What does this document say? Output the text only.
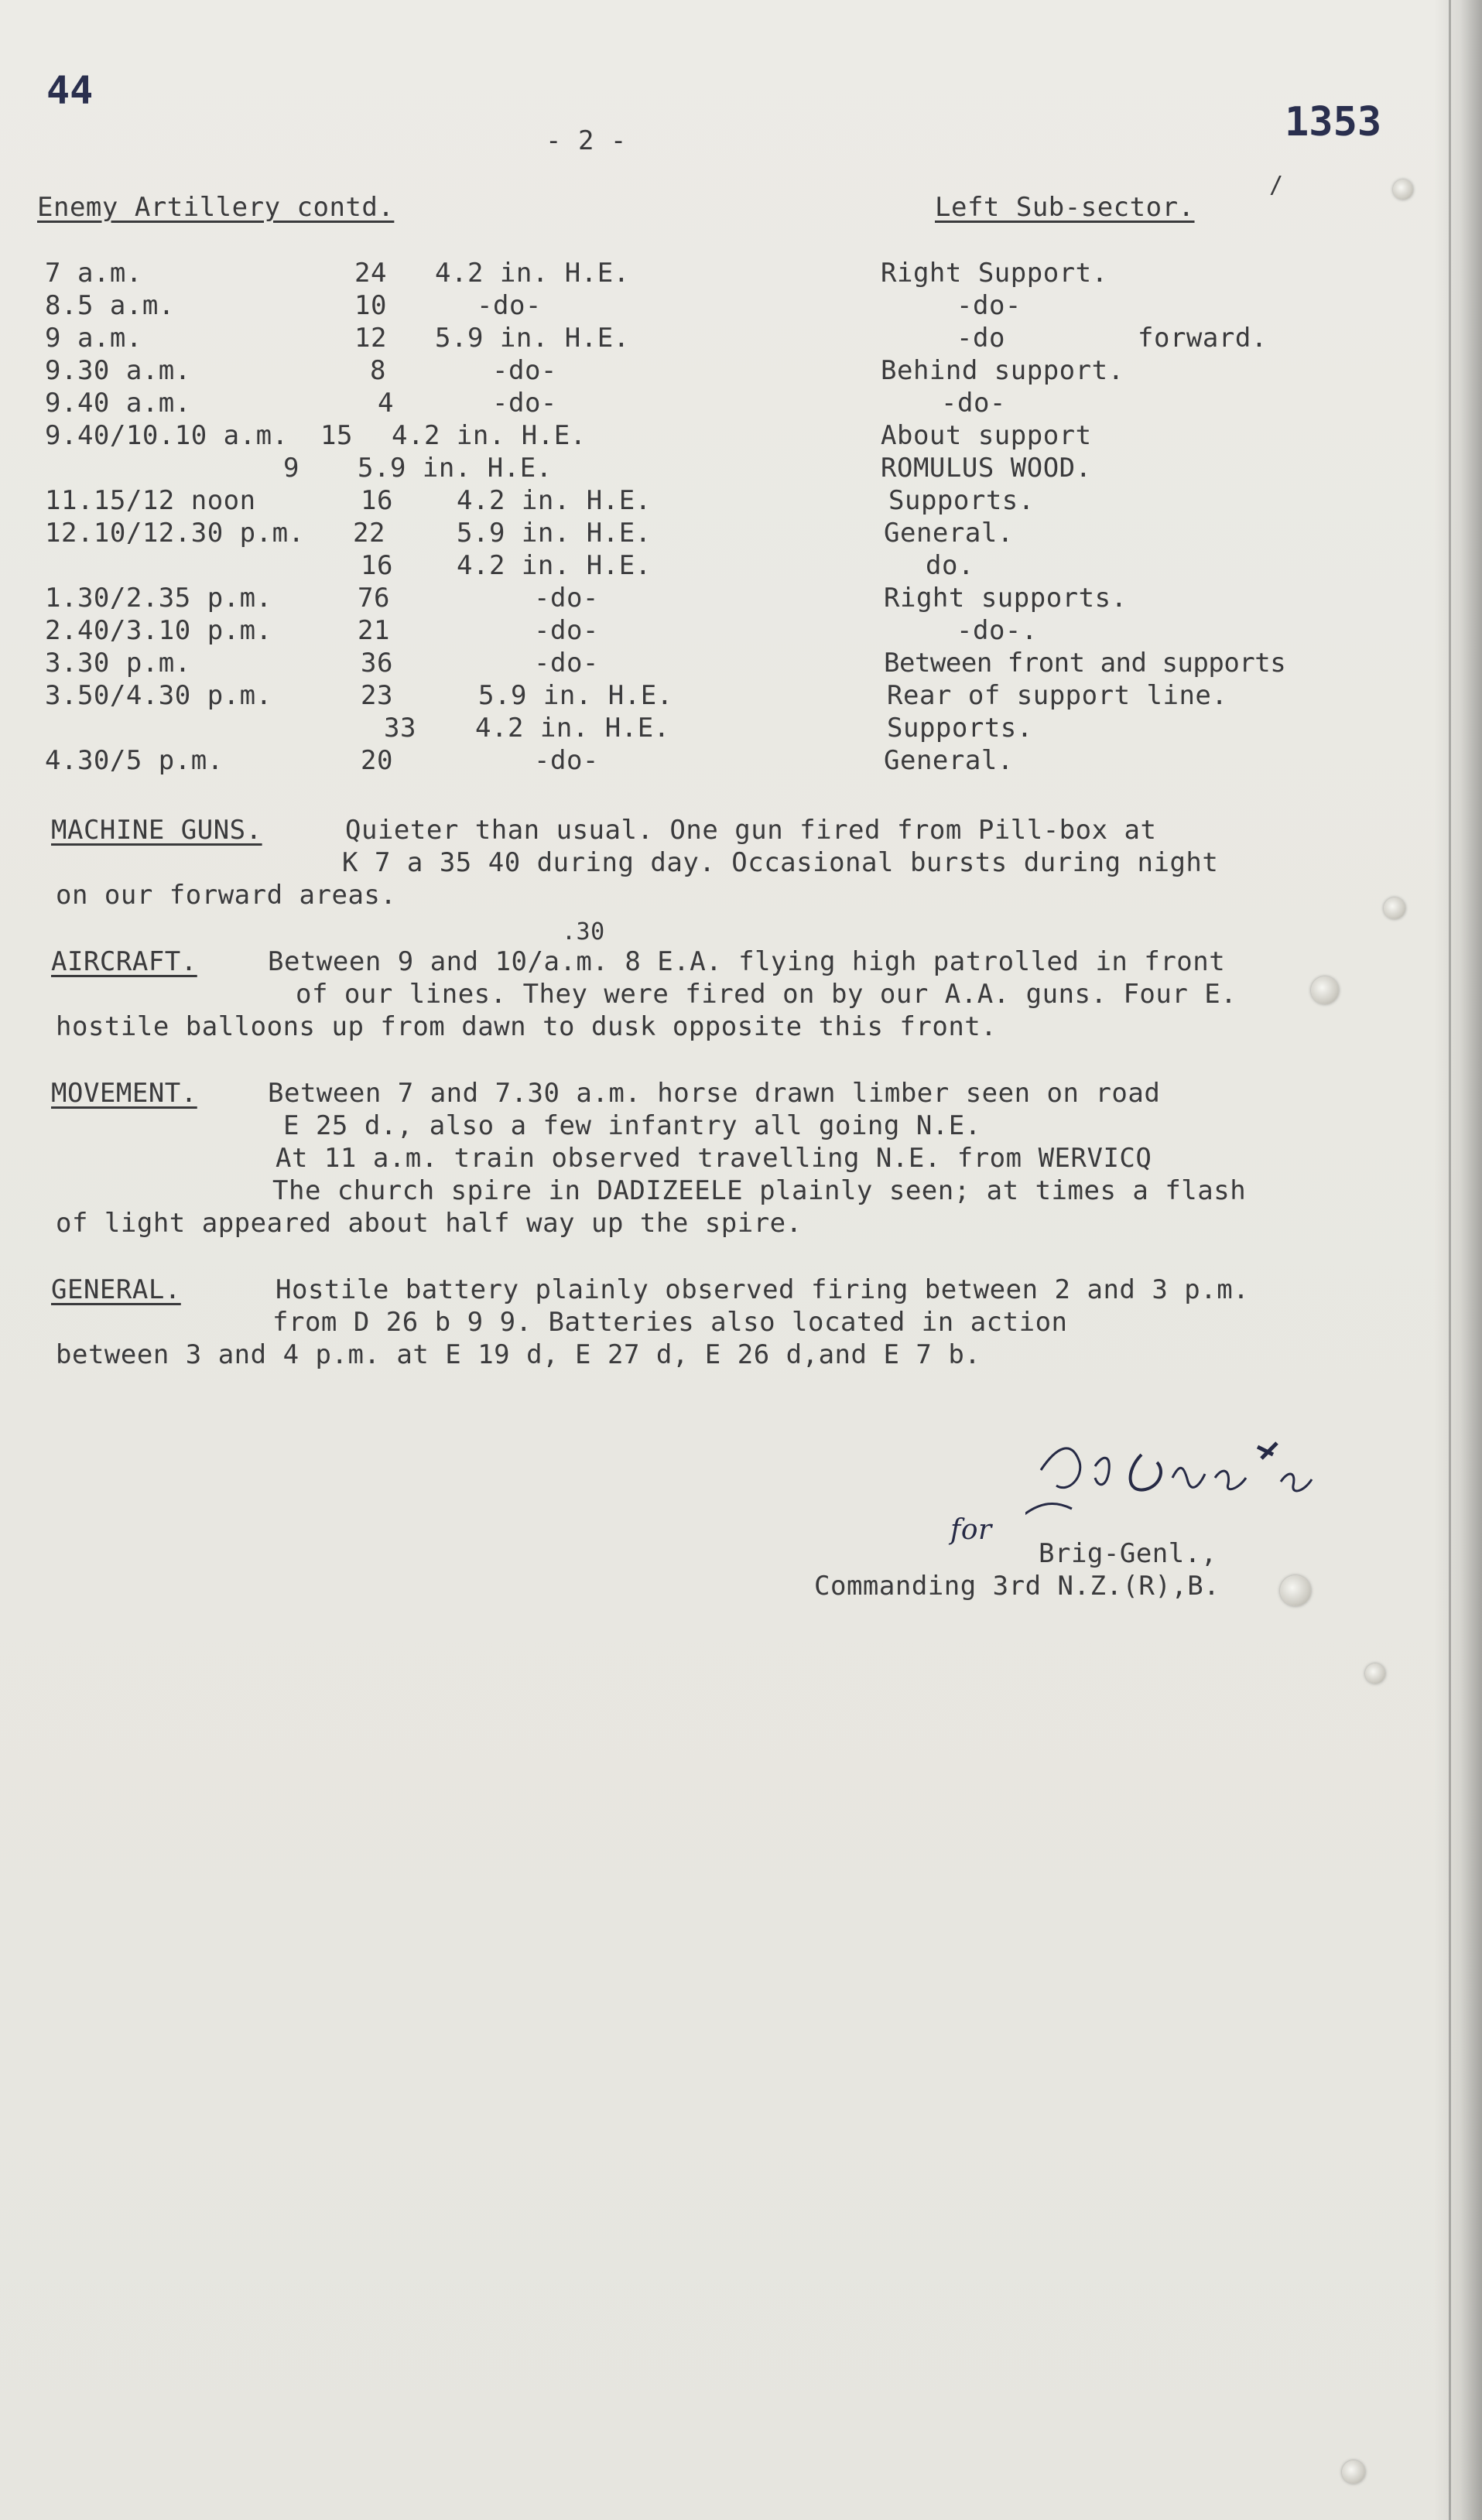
44
1353
- 2 -
Enemy Artillery contd.	Left Sub-sector.
/
7 a.m.	24 4.2 in. H.E.	Right Support.
8.5 a.m.	10	-do-	-do-
9 a.m.	12 5.9 in. H.E.	-do	forward.
9.30 a.m.	8	-do-	Behind support.
9.40 a.m.	4	-do-	-do-
9.40/10.10 a.m. 15 4.2 in. H.E.	About support
9 5.9 in. H.E.	ROMULUS WOOD.
11.15/12 noon	16 4.2 in. H.E.	Supports.
12.10/12.30 p.m. 22	5.9 in. H.E.	General.
16 4.2 in. H.E.	do.
1.30/2.35 p.m.	76	-do-	Right supports.
2.40/3.10 p.m.	21	-do-	-do-.
3.30 p.m.	36	-do-	Between front and supports
3.50/4.30 p.m.	23	5.9 in. H.E.	Rear of support line.
33 4.2 in. H.E.	Supports.
4.30/5 p.m.	20	-do-	General.
MACHINE GUNS.	Quieter than usual. One gun fired from Pill-box at
K 7 a 35 40 during day. Occasional bursts during night
on our forward areas.
.30
AIRCRAFT.	Between 9 and 10/a.m. 8 E.A. flying high patrolled in front
of our lines. They were fired on by our A.A. guns. Four E.
hostile balloons up from dawn to dusk opposite this front.
MOVEMENT.	Between 7 and 7.30 a.m. horse drawn limber seen on road
E 25 d., also a few infantry all going N.E.
At 11 a.m. train observed travelling N.E. from WERVICQ
The church spire in DADIZEELE plainly seen; at times a flash
of light appeared about half way up the spire.
GENERAL.	Hostile battery plainly observed firing between 2 and 3 p.m.
from D 26 b 9 9. Batteries also located in action
between 3 and 4 p.m. at E 19 d, E 27 d, E 26 d,and E 7 b.
for
Brig-Genl.,
Commanding 3rd N.Z.(R),B.
